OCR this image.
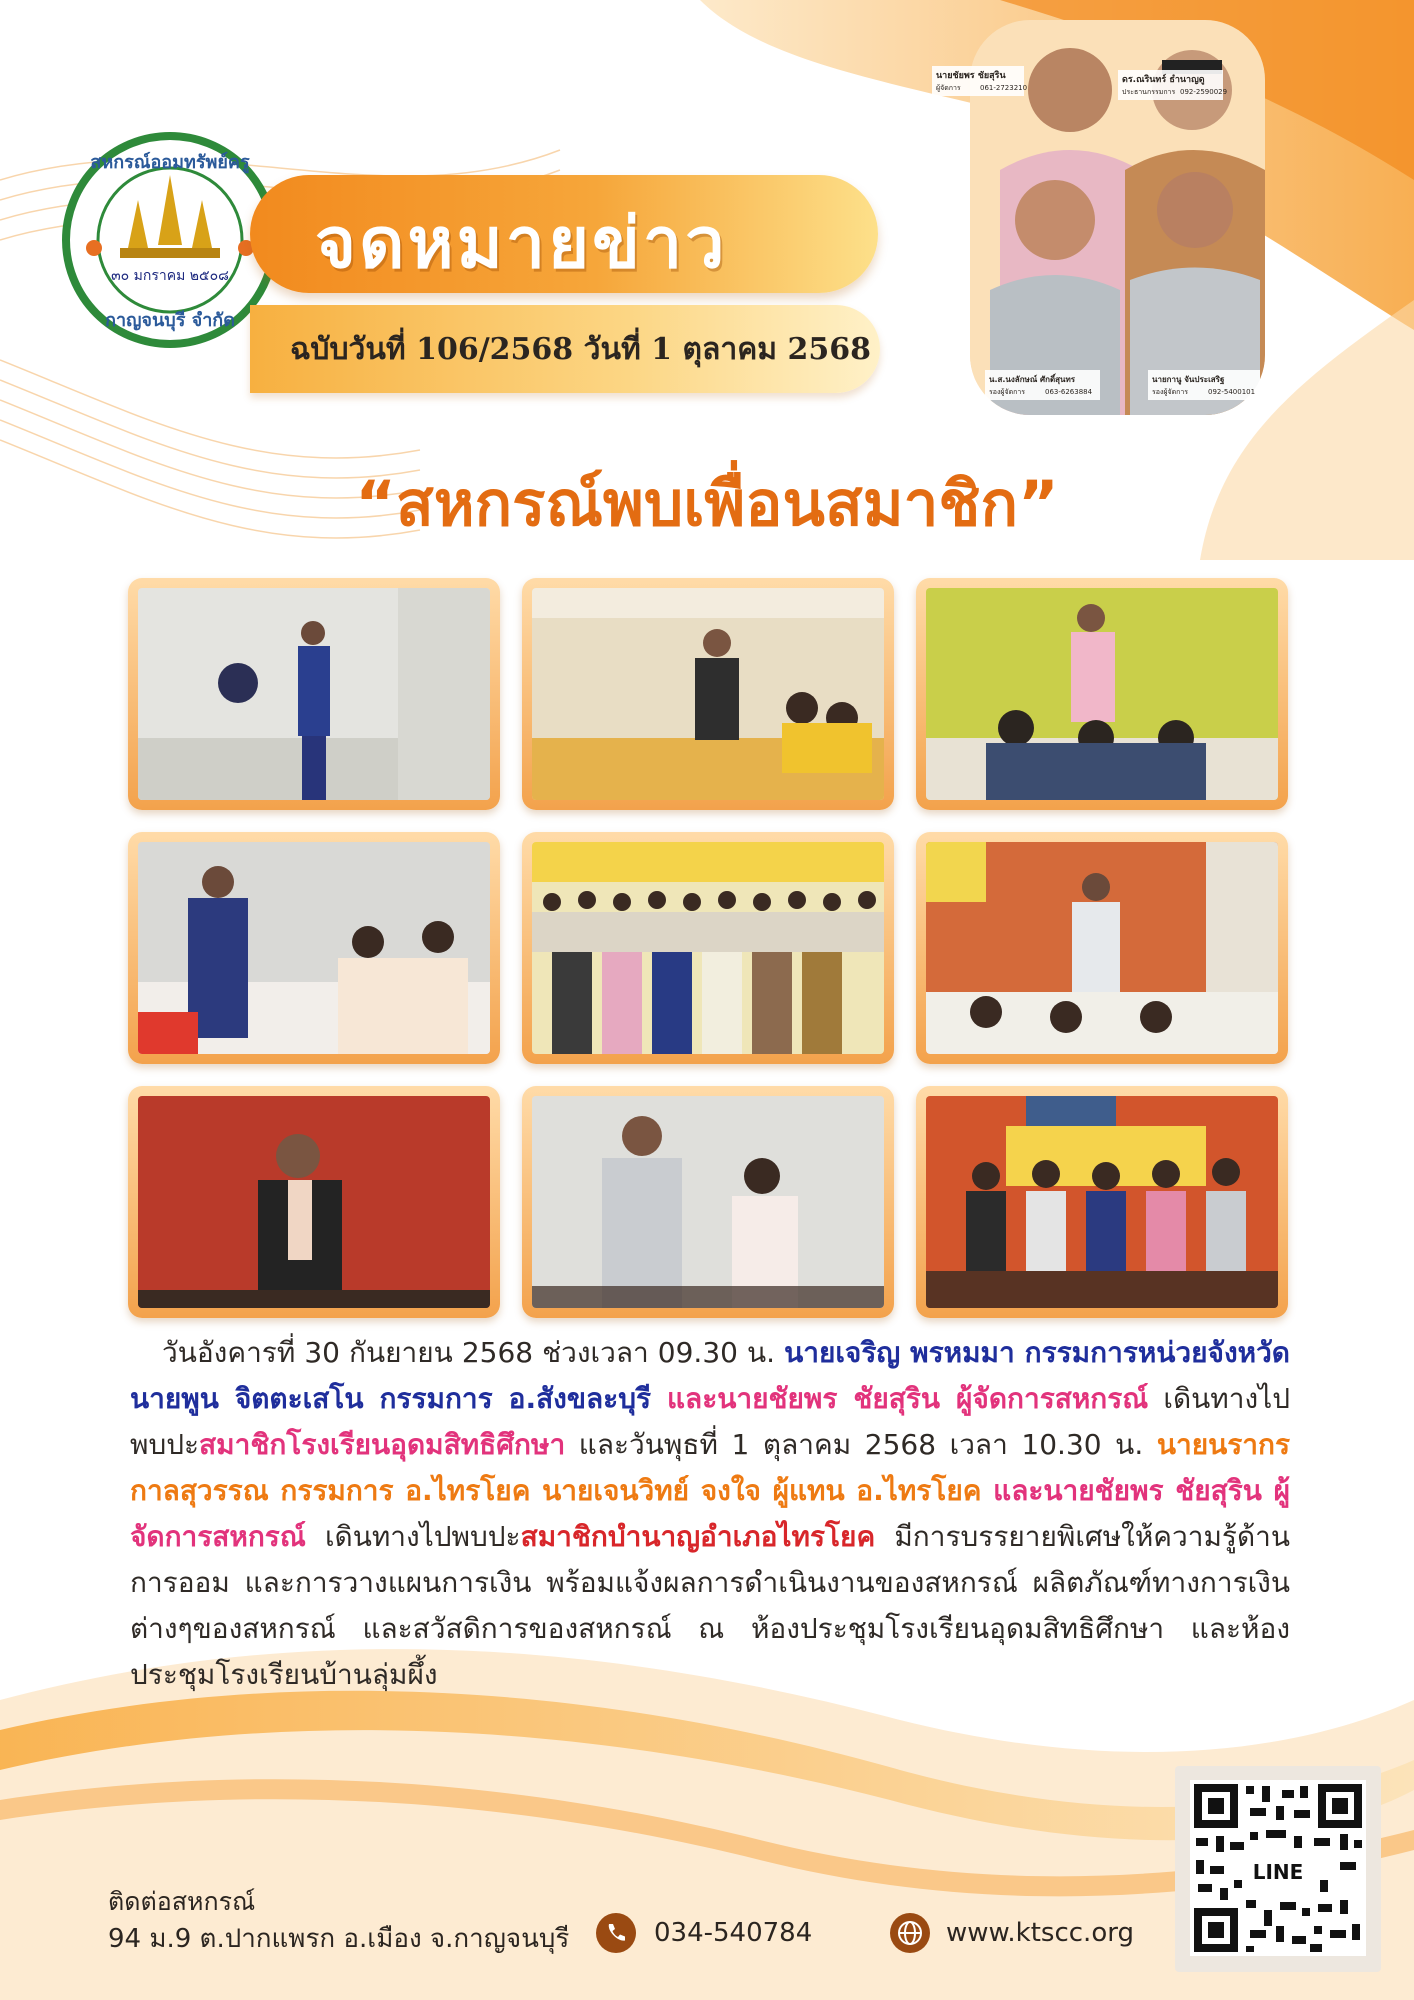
สหกรณ์ออมทรัพย์ครู
๓๐ มกราคม ๒๕๐๘
กาญจนบุรี จำกัด
จดหมายข่าว
ฉบับวันที่ 106/2568 วันที่ 1 ตุลาคม 2568
นายชัยพร ชัยสุริน
ผู้จัดการ	061-2723210
ดร.ณรินทร์ ธำนาญดู
ประธานกรรมการ 092-2590029
น.ส.นงลักษณ์ ศักดิ์สุนทร
รองผู้จัดการ	063-6263884
นายกานู จันประเสริฐ
รองผู้จัดการ	092-5400101
“สหกรณ์พบเพื่อนสมาชิก”
วันอังคารที่ 30 กันยายน 2568 ช่วงเวลา 09.30 น. นายเจริญ พรหมมา กรรมการหน่วยจังหวัด นายพูน จิตตะเสโน กรรมการ อ.สังขละบุรี และนายชัยพร ชัยสุริน ผู้จัดการสหกรณ์ เดินทางไปพบปะสมาชิกโรงเรียนอุดมสิทธิศึกษา และวันพุธที่ 1 ตุลาคม 2568 เวลา 10.30 น. นายนรากร กาลสุวรรณ กรรมการ อ.ไทรโยค นายเจนวิทย์ จงใจ ผู้แทน อ.ไทรโยค และนายชัยพร ชัยสุริน ผู้จัดการสหกรณ์ เดินทางไปพบปะสมาชิกบำนาญอำเภอไทรโยค มีการบรรยายพิเศษให้ความรู้ด้านการออม และการวางแผนการเงิน พร้อมแจ้งผลการดำเนินงานของสหกรณ์ ผลิตภัณฑ์ทางการเงินต่างๆของสหกรณ์ และสวัสดิการของสหกรณ์ ณ ห้องประชุมโรงเรียนอุดมสิทธิศึกษา และห้องประชุมโรงเรียนบ้านลุ่มผึ้ง
ติดต่อสหกรณ์
94 ม.9 ต.ปากแพรก อ.เมือง จ.กาญจนบุรี	034-540784	www.ktscc.org
LINE
